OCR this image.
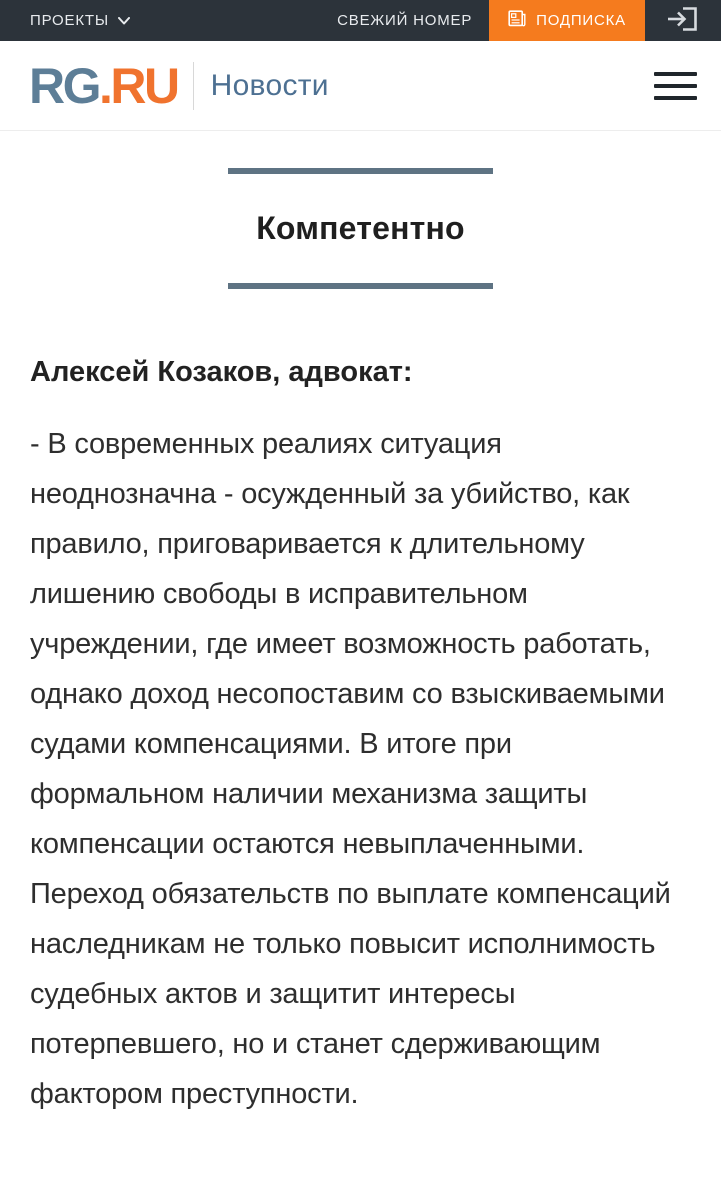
ПРОЕКТЫ	СВЕЖИЙ НОМЕР	ПОДПИСКА
RG .RU Новости
Компетентно

Алексей Козаков, адвокат:

- В современных реалиях ситуация неоднозначна - осужденный за убийство, как правило, приговаривается к длительному лишению свободы в исправительном учреждении, где имеет возможность работать, однако доход несопоставим со взыскиваемыми судами компенсациями. В итоге при формальном наличии механизма защиты компенсации остаются невыплаченными. Переход обязательств по выплате компенсаций наследникам не только повысит исполнимость судебных актов и защитит интересы потерпевшего, но и станет сдерживающим фактором преступности.
